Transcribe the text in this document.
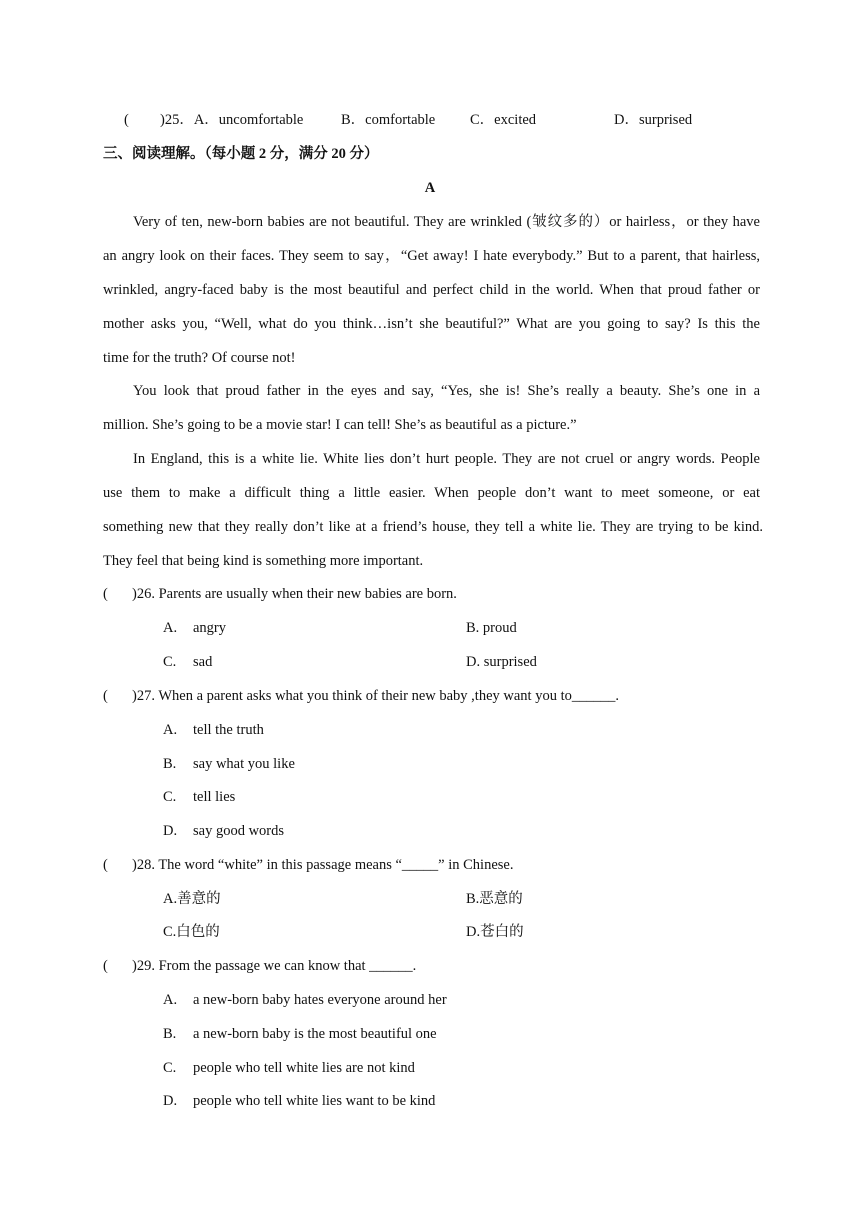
( )25．A．uncomfortable	B．comfortable C．excited	D．surprised
三、阅读理解。（每小题 2 分，满分 20 分）
A
Very of ten, new-born babies are not beautiful. They are wrinkled (皱纹多的）or hairless，or they have
an angry look on their faces. They seem to say，“Get away! I hate everybody.” But to a parent, that hairless,
wrinkled, angry-faced baby is the most beautiful and perfect child in the world. When that proud father or
mother asks you, “Well, what do you think…isn’t she beautiful?” What are you going to say? Is this the
time for the truth? Of course not!
You look that proud father in the eyes and say, “Yes, she is! She’s really a beauty. She’s one in a
million. She’s going to be a movie star! I can tell! She’s as beautiful as a picture.”
In England, this is a white lie. White lies don’t hurt people. They are not cruel or angry words. People
use them to make a difficult thing a little easier. When people don’t want to meet someone, or eat
something new that they really don’t like at a friend’s house, they tell a white lie. They are trying to be kind.
They feel that being kind is something more important.
( )26. Parents are usually when their new babies are born.
A. angry	B. proud
C. sad	D. surprised
( )27. When a parent asks what you think of their new baby ,they want you to______.
A. tell the truth
B. say what you like
C. tell lies
D. say good words
( )28. The word “white” in this passage means “_____” in Chinese.
A.善意的	B.恶意的
C.白色的	D.苍白的
( )29. From the passage we can know that ______.
A. a new-born baby hates everyone around her
B. a new-born baby is the most beautiful one
C. people who tell white lies are not kind
D. people who tell white lies want to be kind
